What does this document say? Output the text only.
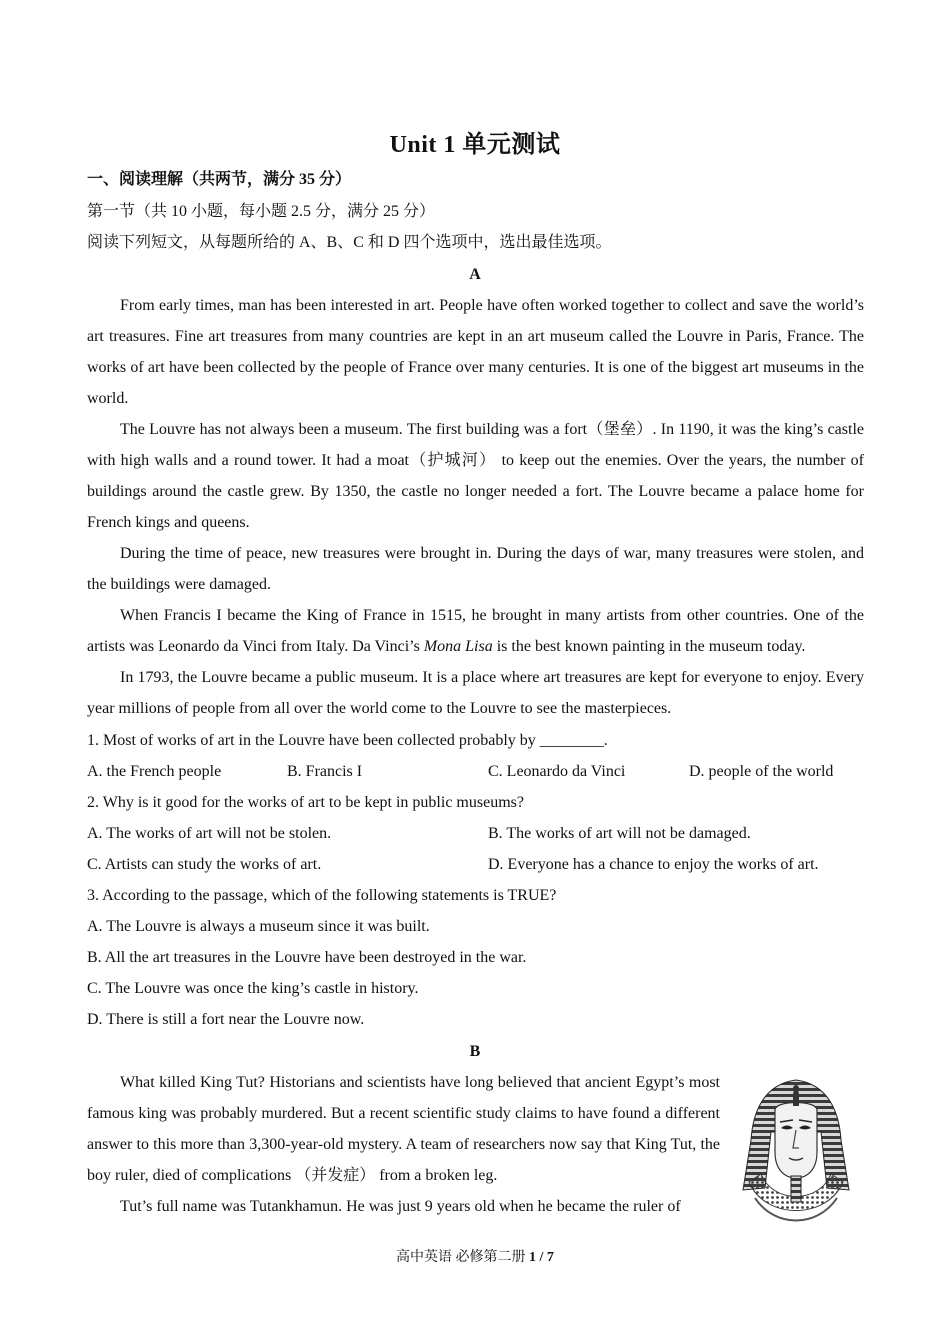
Unit 1 单元测试
一、阅读理解（共两节，满分 35 分）
第一节（共 10 小题，每小题 2.5 分，满分 25 分）
阅读下列短文，从每题所给的 A、B、C 和 D 四个选项中，选出最佳选项。
A
From early times, man has been interested in art. People have often worked together to collect and save the world’s art treasures. Fine art treasures from many countries are kept in an art museum called the Louvre in Paris, France. The works of art have been collected by the people of France over many centuries. It is one of the biggest art museums in the world.
The Louvre has not always been a museum. The first building was a fort（堡垒）. In 1190, it was the king’s castle with high walls and a round tower. It had a moat（护城河） to keep out the enemies. Over the years, the number of buildings around the castle grew. By 1350, the castle no longer needed a fort. The Louvre became a palace home for French kings and queens.
During the time of peace, new treasures were brought in. During the days of war, many treasures were stolen, and the buildings were damaged.
When Francis I became the King of France in 1515, he brought in many artists from other countries. One of the artists was Leonardo da Vinci from Italy. Da Vinci’s Mona Lisa is the best known painting in the museum today.
In 1793, the Louvre became a public museum. It is a place where art treasures are kept for everyone to enjoy. Every year millions of people from all over the world come to the Louvre to see the masterpieces.
1. Most of works of art in the Louvre have been collected probably by ________.
A. the French people	B. Francis I	C. Leonardo da Vinci	D. people of the world
2. Why is it good for the works of art to be kept in public museums?
A. The works of art will not be stolen.	B. The works of art will not be damaged.
C. Artists can study the works of art.	D. Everyone has a chance to enjoy the works of art.
3. According to the passage, which of the following statements is TRUE?
A. The Louvre is always a museum since it was built.
B. All the art treasures in the Louvre have been destroyed in the war.
C. The Louvre was once the king’s castle in history.
D. There is still a fort near the Louvre now.
B
What killed King Tut? Historians and scientists have long believed that ancient Egypt’s most famous king was probably murdered. But a recent scientific study claims to have found a different answer to this more than 3,300-year-old mystery. A team of researchers now say that King Tut, the boy ruler, died of complications （并发症） from a broken leg.
Tut’s full name was Tutankhamun. He was just 9 years old when he became the ruler of
高中英语 必修第二册 1 / 7
